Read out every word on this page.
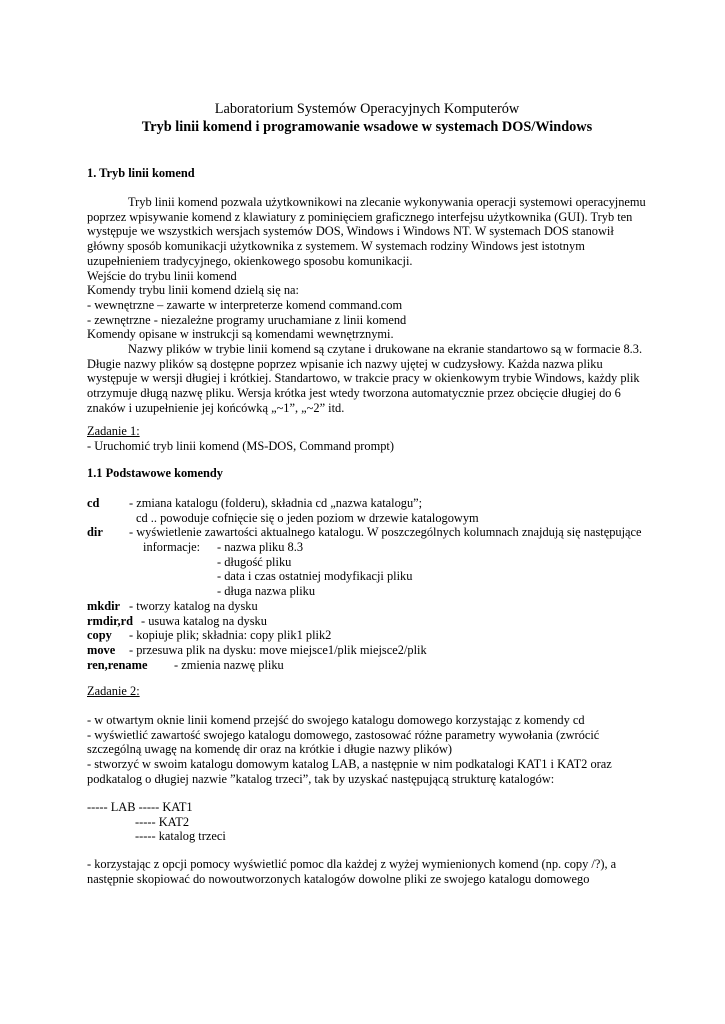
Laboratorium Systemów Operacyjnych Komputerów
Tryb linii komend i programowanie wsadowe w systemach DOS/Windows
1. Tryb linii komend

Tryb linii komend pozwala użytkownikowi na zlecanie wykonywania operacji systemowi operacyjnemu poprzez wpisywanie komend z klawiatury z pominięciem graficznego interfejsu użytkownika (GUI). Tryb ten występuje we wszystkich wersjach systemów DOS, Windows i Windows NT. W systemach DOS stanowił główny sposób komunikacji użytkownika z systemem. W systemach rodziny Windows jest istotnym uzupełnieniem tradycyjnego, okienkowego sposobu komunikacji.

Wejście do trybu linii komend
Komendy trybu linii komend dzielą się na:
- wewnętrzne – zawarte w interpreterze komend command.com
- zewnętrzne - niezależne programy uruchamiane z linii komend
Komendy opisane w instrukcji są komendami wewnętrznymi.

Nazwy plików w trybie linii komend są czytane i drukowane na ekranie standartowo są w formacie 8.3. Długie nazwy plików są dostępne poprzez wpisanie ich nazwy ujętej w cudzysłowy. Każda nazwa pliku występuje w wersji długiej i krótkiej. Standartowo, w trakcie pracy w okienkowym trybie Windows, każdy plik otrzymuje długą nazwę pliku. Wersja krótka jest wtedy tworzona automatycznie przez obcięcie długiej do 6 znaków i uzupełnienie jej końcówką „~1”, „~2” itd.

Zadanie 1:
- Uruchomić tryb linii komend (MS-DOS, Command prompt)
1.1 Podstawowe komendy
cd - zmiana katalogu (folderu), składnia cd „nazwa katalogu”;
cd .. powoduje cofnięcie się o jeden poziom w drzewie katalogowym
dir - wyświetlenie zawartości aktualnego katalogu. W poszczególnych kolumnach znajdują się następujące
informacje: - nazwa pliku 8.3
- długość pliku
- data i czas ostatniej modyfikacji pliku
- długa nazwa pliku
mkdir - tworzy katalog na dysku
rmdir,rd - usuwa katalog na dysku
copy - kopiuje plik; składnia: copy plik1 plik2
move - przesuwa plik na dysku: move miejsce1/plik miejsce2/plik
ren,rename - zmienia nazwę pliku
Zadanie 2:
- w otwartym oknie linii komend przejść do swojego katalogu domowego korzystając z komendy cd
- wyświetlić zawartość swojego katalogu domowego, zastosować różne parametry wywołania (zwrócić szczególną uwagę na komendę dir oraz na krótkie i długie nazwy plików)
- stworzyć w swoim katalogu domowym katalog LAB, a następnie w nim podkatalogi KAT1 i KAT2 oraz podkatalog o długiej nazwie ”katalog trzeci”, tak by uzyskać następującą strukturę katalogów:
----- LAB ----- KAT1
----- KAT2
----- katalog trzeci
- korzystając z opcji pomocy wyświetlić pomoc dla każdej z wyżej wymienionych komend (np. copy /?), a następnie skopiować do nowoutworzonych katalogów dowolne pliki ze swojego katalogu domowego
